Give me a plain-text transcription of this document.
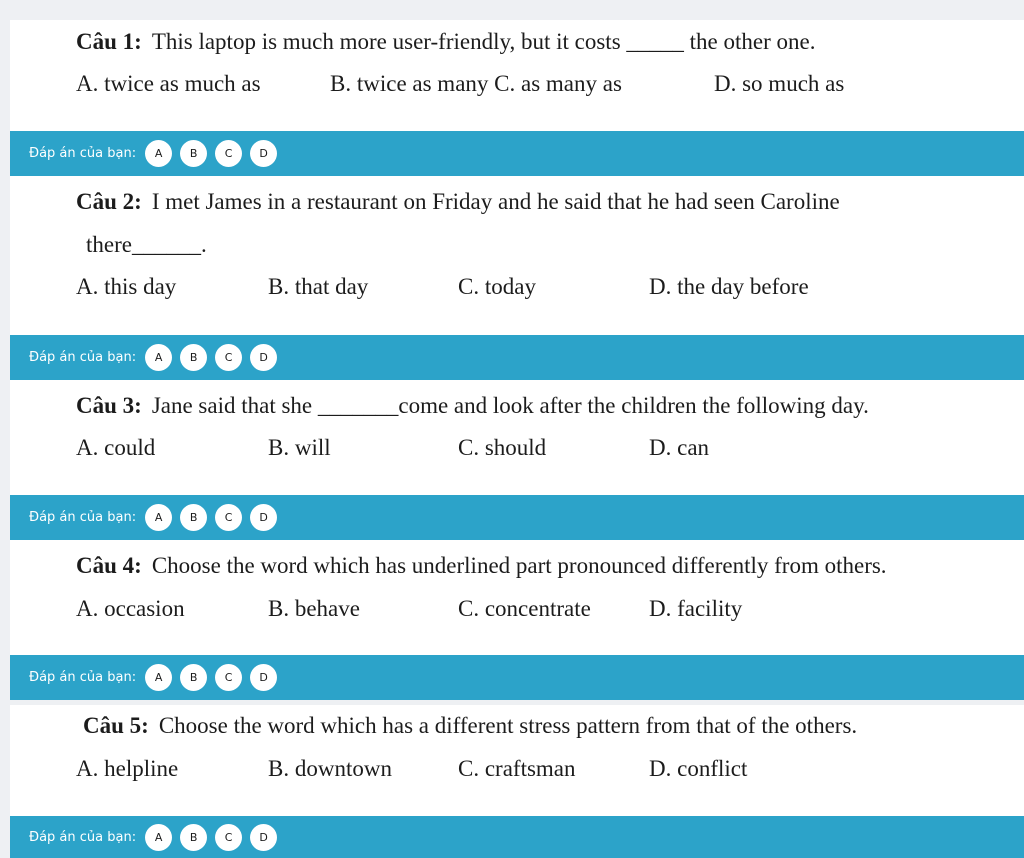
Câu 1: This laptop is much more user-friendly, but it costs _____ the other one.
A. twice as much as	B. twice as many C. as many as	D. so much as
Đáp án của bạn:	A	B	C	D
Câu 2: I met James in a restaurant on Friday and he said that he had seen Caroline
there______.
A. this day	B. that day	C. today	D. the day before
Đáp án của bạn:	A	B	C	D
Câu 3: Jane said that she _______come and look after the children the following day.
A. could	B. will	C. should	D. can
Đáp án của bạn:	A	B	C	D
Câu 4: Choose the word which has underlined part pronounced differently from others.
A. occasion	B. behave	C. concentrate	D. facility
Đáp án của bạn:	A	B	C	D
Câu 5: Choose the word which has a different stress pattern from that of the others.
A. helpline	B. downtown	C. craftsman	D. conflict
Đáp án của bạn:	A	B	C	D
